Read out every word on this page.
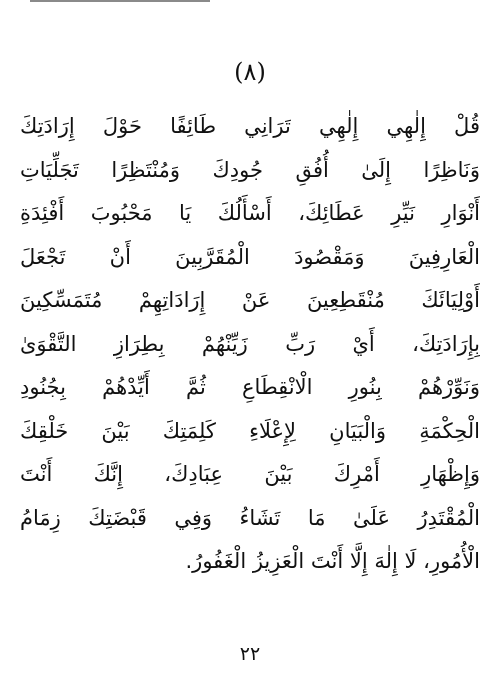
(٨)
قُلْ إِلٰهِي إِلٰهِي تَرَانِي طَائِفًا حَوْلَ إِرَادَتِكَ
وَنَاظِرًا إِلَىٰ أُفُقِ جُودِكَ وَمُنْتَظِرًا تَجَلِّيَاتِ
أَنْوَارِ نَيِّرِ عَطَائِكَ، أَسْأَلُكَ يَا مَحْبُوبَ أَفْئِدَةِ
الْعَارِفِينَ وَمَقْصُودَ الْمُقَرَّبِينَ أَنْ تَجْعَلَ
أَوْلِيَائَكَ مُنْقَطِعِينَ عَنْ إِرَادَاتِهِمْ مُتَمَسِّكِينَ
بِإِرَادَتِكَ، أَيْ رَبِّ زَيِّنْهُمْ بِطِرَازِ التَّقْوَىٰ
وَنَوِّرْهُمْ بِنُورِ الْانْقِطَاعِ ثُمَّ أَيِّدْهُمْ بِجُنُودِ
الْحِكْمَةِ وَالْبَيَانِ لِإِعْلَاءِ كَلِمَتِكَ بَيْنَ خَلْقِكَ
وَإِظْهَارِ أَمْرِكَ بَيْنَ عِبَادِكَ، إِنَّكَ أَنْتَ
الْمُقْتَدِرُ عَلَىٰ مَا تَشَاءُ وَفِي قَبْضَتِكَ زِمَامُ
الْأُمُورِ، لَا إِلٰهَ إِلَّا أَنْتَ الْعَزِيزُ الْغَفُورُ.
٢٢
